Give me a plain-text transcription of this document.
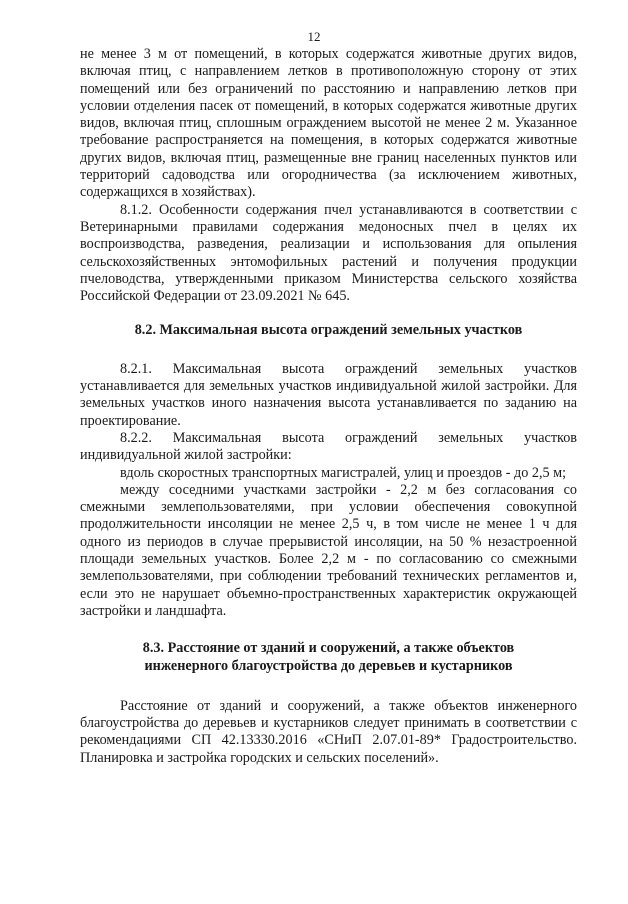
12

не менее 3 м от помещений, в которых содержатся животные других видов, включая птиц, с направлением летков в противоположную сторону от этих помещений или без ограничений по расстоянию и направлению летков при условии отделения пасек от помещений, в которых содержатся животные других видов, включая птиц, сплошным ограждением высотой не менее 2 м. Указанное требование распространяется на помещения, в которых содержатся животные других видов, включая птиц, размещенные вне границ населенных пунктов или территорий садоводства или огородничества (за исключением животных, содержащихся в хозяйствах).

8.1.2. Особенности содержания пчел устанавливаются в соответствии с Ветеринарными правилами содержания медоносных пчел в целях их воспроизводства, разведения, реализации и использования для опыления сельскохозяйственных энтомофильных растений и получения продукции пчеловодства, утвержденными приказом Министерства сельского хозяйства Российской Федерации от 23.09.2021 № 645.

8.2. Максимальная высота ограждений земельных участков

8.2.1. Максимальная высота ограждений земельных участков устанавливается для земельных участков индивидуальной жилой застройки. Для земельных участков иного назначения высота устанавливается по заданию на проектирование.

8.2.2. Максимальная высота ограждений земельных участков индивидуальной жилой застройки:

вдоль скоростных транспортных магистралей, улиц и проездов - до 2,5 м;

между соседними участками застройки - 2,2 м без согласования со смежными землепользователями, при условии обеспечения совокупной продолжительности инсоляции не менее 2,5 ч, в том числе не менее 1 ч для одного из периодов в случае прерывистой инсоляции, на 50 % незастроенной площади земельных участков. Более 2,2 м - по согласованию со смежными землепользователями, при соблюдении требований технических регламентов и, если это не нарушает объемно-пространственных характеристик окружающей застройки и ландшафта.

8.3. Расстояние от зданий и сооружений, а также объектов
инженерного благоустройства до деревьев и кустарников

Расстояние от зданий и сооружений, а также объектов инженерного благоустройства до деревьев и кустарников следует принимать в соответствии с рекомендациями СП 42.13330.2016 «СНиП 2.07.01-89* Градостроительство. Планировка и застройка городских и сельских поселений».
